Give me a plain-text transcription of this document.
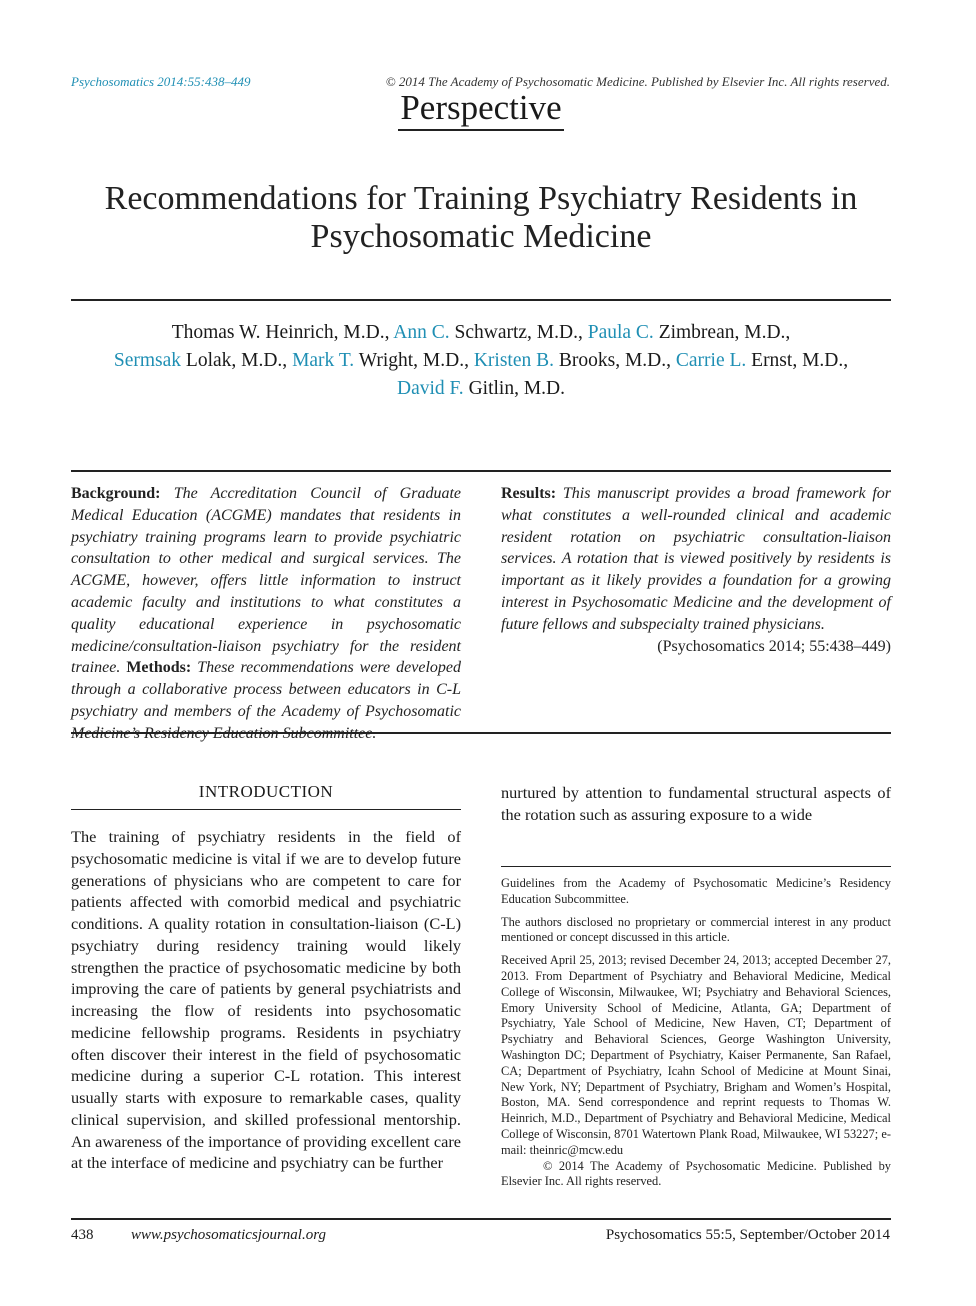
Psychosomatics 2014:55:438–449	© 2014 The Academy of Psychosomatic Medicine. Published by Elsevier Inc. All rights reserved.
Perspective
Recommendations for Training Psychiatry Residents in Psychosomatic Medicine
Thomas W. Heinrich, M.D., Ann C. Schwartz, M.D., Paula C. Zimbrean, M.D.,
Sermsak Lolak, M.D., Mark T. Wright, M.D., Kristen B. Brooks, M.D., Carrie L. Ernst, M.D.,
David F. Gitlin, M.D.
Background: The Accreditation Council of Graduate Medical Education (ACGME) mandates that residents in psychiatry training programs learn to provide psychiatric consultation to other medical and surgical services. The ACGME, however, offers little information to instruct academic faculty and institutions to what constitutes a quality educational experience in psychosomatic medicine/consultation-liaison psychiatry for the resident trainee. Methods: These recommendations were developed through a collaborative process between educators in C-L psychiatry and members of the Academy of Psychosomatic
Results: This manuscript provides a broad framework for what constitutes a well-rounded clinical and academic resident rotation on psychiatric consultation-liaison services. A rotation that is viewed positively by residents is important as it likely provides a foundation for a growing interest in Psychosomatic Medicine and the development of future fellows and subspecialty trained physicians.
(Psychosomatics 2014; 55:438–449)
INTRODUCTION
The training of psychiatry residents in the field of psychosomatic medicine is vital if we are to develop future generations of physicians who are competent to care for patients affected with comorbid medical and psychiatric conditions. A quality rotation in consultation-liaison (C-L) psychiatry during residency training would likely strengthen the practice of psychosomatic medicine by both improving the care of patients by general psychiatrists and increasing the flow of residents into psychosomatic medicine fellowship programs. Residents in psychiatry often discover their interest in the field of psychosomatic medicine during a superior C-L rotation. This interest usually starts with exposure to remarkable cases, quality clinical supervision, and skilled professional mentorship. An awareness of the importance of providing excellent care at the interface of medicine and psychiatry can be further
nurtured by attention to fundamental structural aspects of the rotation such as assuring exposure to a wide

Guidelines from the Academy of Psychosomatic Medicine’s Residency Education Subcommittee.

The authors disclosed no proprietary or commercial interest in any product mentioned or concept discussed in this article.

Received April 25, 2013; revised December 24, 2013; accepted December 27, 2013. From Department of Psychiatry and Behavioral Medicine, Medical College of Wisconsin, Milwaukee, WI; Psychiatry and Behavioral Sciences, Emory University School of Medicine, Atlanta, GA; Department of Psychiatry, Yale School of Medicine, New Haven, CT; Department of Psychiatry and Behavioral Sciences, George Washington University, Washington DC; Department of Psychiatry, Kaiser Permanente, San Rafael, CA; Department of Psychiatry, Icahn School of Medicine at Mount Sinai, New York, NY; Department of Psychiatry, Brigham and Women’s Hospital, Boston, MA. Send correspondence and reprint requests to Thomas W. Heinrich, M.D., Department of Psychiatry and Behavioral Medicine, Medical College of Wisconsin, 8701 Watertown Plank Road, Milwaukee, WI 53227; e-mail: theinric@mcw.edu

© 2014 The Academy of Psychosomatic Medicine. Published by Elsevier Inc. All rights reserved.

438	www.psychosomaticsjournal.org	Psychosomatics 55:5, September/October 2014
